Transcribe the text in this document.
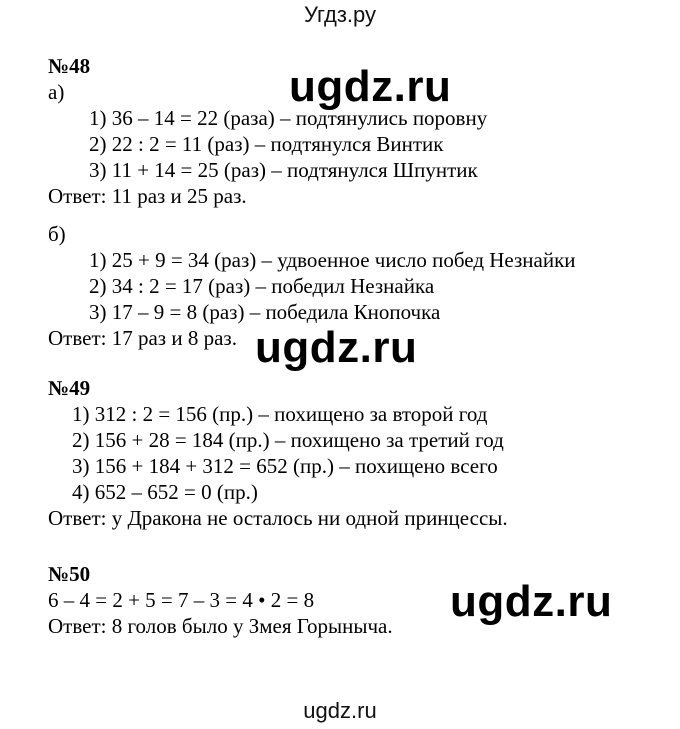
Угдз.ру
№48
а)
1) 36 – 14 = 22 (раза) – подтянулись поровну
2) 22 : 2 = 11 (раз) – подтянулся Винтик
3) 11 + 14 = 25 (раз) – подтянулся Шпунтик
Ответ: 11 раз и 25 раз.
б)
1) 25 + 9 = 34 (раз) – удвоенное число побед Незнайки
2) 34 : 2 = 17 (раз) – победил Незнайка
3) 17 – 9 = 8 (раз) – победила Кнопочка
Ответ: 17 раз и 8 раз.
№49
1) 312 : 2 = 156 (пр.) – похищено за второй год
2) 156 + 28 = 184 (пр.) – похищено за третий год
3) 156 + 184 + 312 = 652 (пр.) – похищено всего
4) 652 – 652 = 0 (пр.)
Ответ: у Дракона не осталось ни одной принцессы.
№50
6 – 4 = 2 + 5 = 7 – 3 = 4 • 2 = 8
Ответ: 8 голов было у Змея Горыныча.
ugdz.ru
ugdz.ru
ugdz.ru
ugdz.ru
